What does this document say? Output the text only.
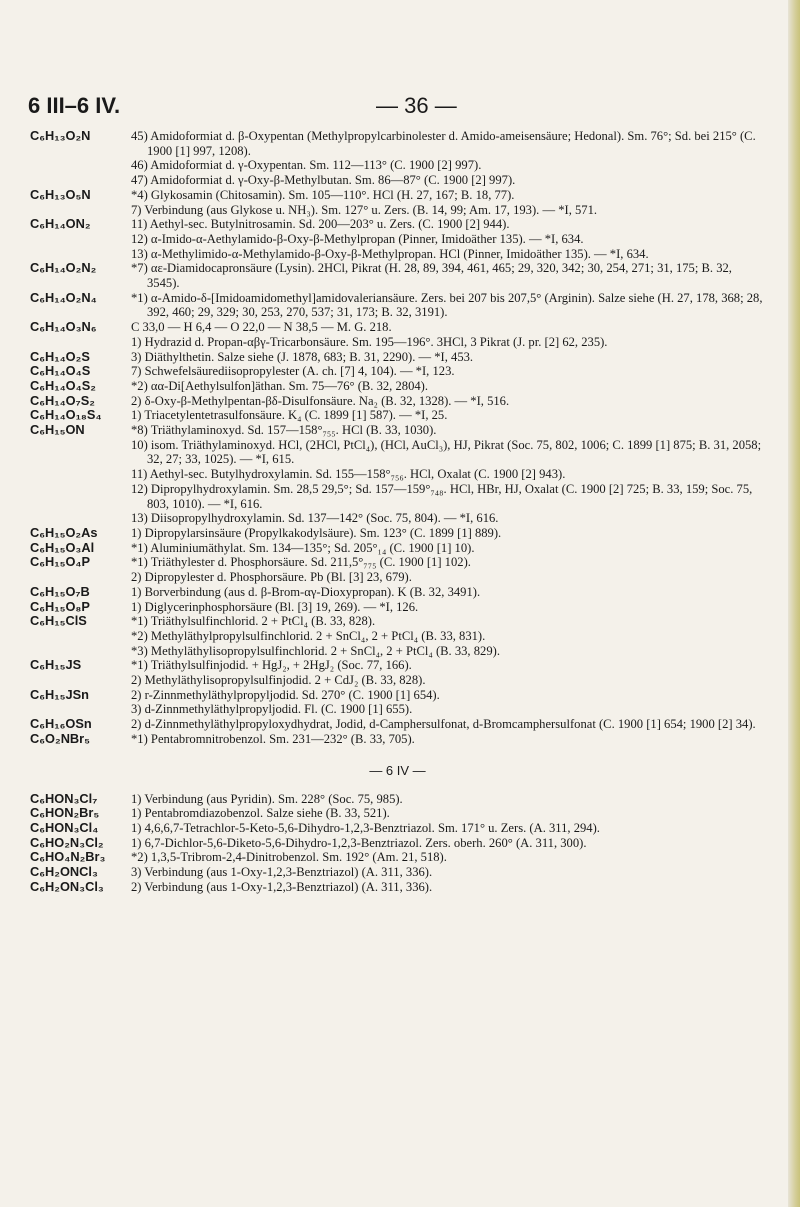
6 III–6 IV.	— 36 —
C₆H₁₃O₂N	45) Amidoformiat d. β-Oxypentan (Methylpropylcarbinolester d. Amido-ameisensäure; Hedonal). Sm. 76°; Sd. bei 215° (C. 1900 [1] 997, 1208).
46) Amidoformiat d. γ-Oxypentan. Sm. 112—113° (C. 1900 [2] 997).
47) Amidoformiat d. γ-Oxy-β-Methylbutan. Sm. 86—87° (C. 1900 [2] 997).
C₆H₁₃O₅N	*4) Glykosamin (Chitosamin). Sm. 105—110°. HCl (H. 27, 167; B. 18, 77).
7) Verbindung (aus Glykose u. NH₃). Sm. 127° u. Zers. (B. 14, 99; Am. 17, 193). — *I, 571.
C₆H₁₄ON₂	11) Aethyl-sec. Butylnitrosamin. Sd. 200—203° u. Zers. (C. 1900 [2] 944).
12) α-Imido-α-Aethylamido-β-Oxy-β-Methylpropan (Pinner, Imidoäther 135). — *I, 634.
13) α-Methylimido-α-Methylamido-β-Oxy-β-Methylpropan. HCl (Pinner, Imidoäther 135). — *I, 634.
C₆H₁₄O₂N₂	*7) αε-Diamidocapronsäure (Lysin). 2HCl, Pikrat (H. 28, 89, 394, 461, 465; 29, 320, 342; 30, 254, 271; 31, 175; B. 32, 3545).
C₆H₁₄O₂N₄	*1) α-Amido-δ-[Imidoamidomethyl]amidovaleriansäure. Zers. bei 207 bis 207,5° (Arginin). Salze siehe (H. 27, 178, 368; 28, 392, 460; 29, 329; 30, 253, 270, 537; 31, 173; B. 32, 3191).
C₆H₁₄O₃N₆	C 33,0 — H 6,4 — O 22,0 — N 38,5 — M. G. 218.
1) Hydrazid d. Propan-αβγ-Tricarbonsäure. Sm. 195—196°. 3HCl, 3 Pikrat (J. pr. [2] 62, 235).
C₆H₁₄O₂S	3) Diäthylthetin. Salze siehe (J. 1878, 683; B. 31, 2290). — *I, 453.
C₆H₁₄O₄S	7) Schwefelsäurediisopropylester (A. ch. [7] 4, 104). — *I, 123.
C₆H₁₄O₄S₂	*2) αα-Di[Aethylsulfon]äthan. Sm. 75—76° (B. 32, 2804).
C₆H₁₄O₇S₂	2) δ-Oxy-β-Methylpentan-βδ-Disulfonsäure. Na₂ (B. 32, 1328). — *I, 516.
C₆H₁₄O₁₈S₄ 1) Triacetylentetrasulfonsäure. K₄ (C. 1899 [1] 587). — *I, 25.
C₆H₁₅ON	*8) Triäthylaminoxyd. Sd. 157—158°₇₅₅. HCl (B. 33, 1030).
10) isom. Triäthylaminoxyd. HCl, (2HCl, PtCl₄), (HCl, AuCl₃), HJ, Pikrat (Soc. 75, 802, 1006; C. 1899 [1] 875; B. 31, 2058; 32, 27; 33, 1025). — *I, 615.
11) Aethyl-sec. Butylhydroxylamin. Sd. 155—158°₇₅₆. HCl, Oxalat (C. 1900 [2] 943).
12) Dipropylhydroxylamin. Sm. 28,5 29,5°; Sd. 157—159°₇₄₈. HCl, HBr, HJ, Oxalat (C. 1900 [2] 725; B. 33, 159; Soc. 75, 803, 1010). — *I, 616.
13) Diisopropylhydroxylamin. Sd. 137—142° (Soc. 75, 804). — *I, 616.
C₆H₁₅O₂As	1) Dipropylarsinsäure (Propylkakodylsäure). Sm. 123° (C. 1899 [1] 889).
C₆H₁₅O₃Al	*1) Aluminiumäthylat. Sm. 134—135°; Sd. 205°₁₄ (C. 1900 [1] 10).
C₆H₁₅O₄P	*1) Triäthylester d. Phosphorsäure. Sd. 211,5°₇₇₅ (C. 1900 [1] 102).
2) Dipropylester d. Phosphorsäure. Pb (Bl. [3] 23, 679).
C₆H₁₅O₇B	1) Borverbindung (aus d. β-Brom-αγ-Dioxypropan). K (B. 32, 3491).
C₆H₁₅O₈P	1) Diglycerinphosphorsäure (Bl. [3] 19, 269). — *I, 126.
C₆H₁₅ClS	*1) Triäthylsulfinchlorid. 2 + PtCl₄ (B. 33, 828).
*2) Methyläthylpropylsulfinchlorid. 2 + SnCl₄, 2 + PtCl₄ (B. 33, 831).
*3) Methyläthylisopropylsulfinchlorid. 2 + SnCl₄, 2 + PtCl₄ (B. 33, 829).
C₆H₁₅JS	*1) Triäthylsulfinjodid. + HgJ₂, + 2HgJ₂ (Soc. 77, 166).
2) Methyläthylisopropylsulfinjodid. 2 + CdJ₂ (B. 33, 828).
C₆H₁₅JSn	2) r-Zinnmethyläthylpropyljodid. Sd. 270° (C. 1900 [1] 654).
3) d-Zinnmethyläthylpropyljodid. Fl. (C. 1900 [1] 655).
C₆H₁₆OSn	2) d-Zinnmethyläthylpropyloxydhydrat, Jodid, d-Camphersulfonat, d-Bromcamphersulfonat (C. 1900 [1] 654; 1900 [2] 34).
C₆O₂NBr₅	*1) Pentabromnitrobenzol. Sm. 231—232° (B. 33, 705).
— 6 IV —
C₆HON₃Cl₇	1) Verbindung (aus Pyridin). Sm. 228° (Soc. 75, 985).
C₆HON₂Br₅	1) Pentabromdiazobenzol. Salze siehe (B. 33, 521).
C₆HON₃Cl₄	1) 4,6,6,7-Tetrachlor-5-Keto-5,6-Dihydro-1,2,3-Benztriazol. Sm. 171° u. Zers. (A. 311, 294).
C₆HO₂N₃Cl₂ 1) 6,7-Dichlor-5,6-Diketo-5,6-Dihydro-1,2,3-Benztriazol. Zers. oberh. 260° (A. 311, 300).
C₆HO₄N₂Br₃ *2) 1,3,5-Tribrom-2,4-Dinitrobenzol. Sm. 192° (Am. 21, 518).
C₆H₂ONCl₃	3) Verbindung (aus 1-Oxy-1,2,3-Benztriazol) (A. 311, 336).
C₆H₂ON₃Cl₃ 2) Verbindung (aus 1-Oxy-1,2,3-Benztriazol) (A. 311, 336).
